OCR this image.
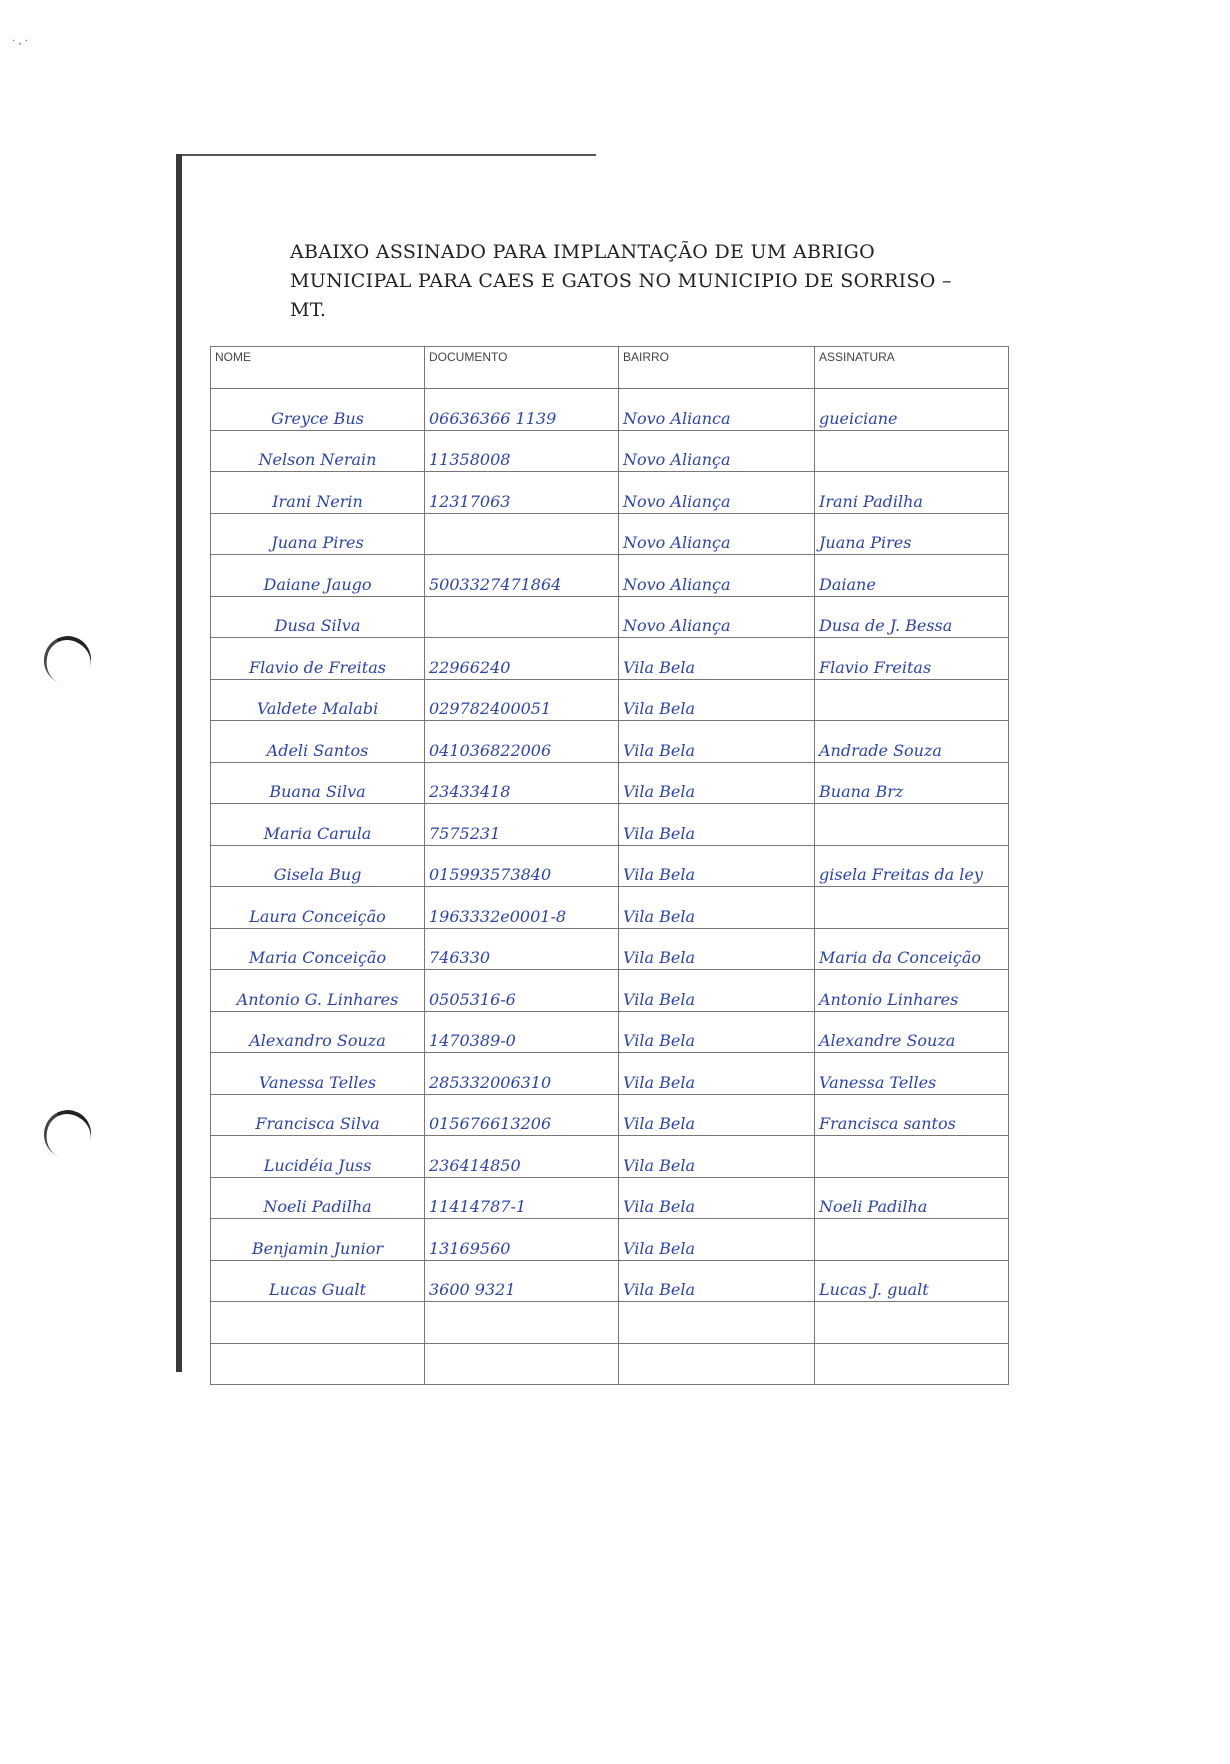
· ‚ ·
ABAIXO ASSINADO PARA IMPLANTAÇÃO DE UM ABRIGO
MUNICIPAL PARA CAES E GATOS NO MUNICIPIO DE SORRISO –
MT.
NOME	DOCUMENTO	BAIRRO	ASSINATURA
Greyce Bus	06636366 1139	Novo Alianca	gueiciane
Nelson Nerain	11358008	Novo Aliança	
Irani Nerin	12317063	Novo Aliança	Irani Padilha
Juana Pires		Novo Aliança	Juana Pires
Daiane Jaugo	5003327471864	Novo Aliança	Daiane
Dusa Silva		Novo Aliança	Dusa de J. Bessa
Flavio de Freitas	22966240	Vila Bela	Flavio Freitas
Valdete Malabi	029782400051	Vila Bela	
Adeli Santos	041036822006	Vila Bela	Andrade Souza
Buana Silva	23433418	Vila Bela	Buana Brz
Maria Carula	7575231	Vila Bela	
Gisela Bug	015993573840	Vila Bela	gisela Freitas da ley
Laura Conceição	1963332e0001-8	Vila Bela	
Maria Conceição	746330	Vila Bela	Maria da Conceição
Antonio G. Linhares	0505316-6	Vila Bela	Antonio Linhares
Alexandro Souza	1470389-0	Vila Bela	Alexandre Souza
Vanessa Telles	285332006310	Vila Bela	Vanessa Telles
Francisca Silva	015676613206	Vila Bela	Francisca santos
Lucidéia Juss	236414850	Vila Bela	
Noeli Padilha	11414787-1	Vila Bela	Noeli Padilha
Benjamin Junior	13169560	Vila Bela	
Lucas Gualt	3600 9321	Vila Bela	Lucas J. gualt
